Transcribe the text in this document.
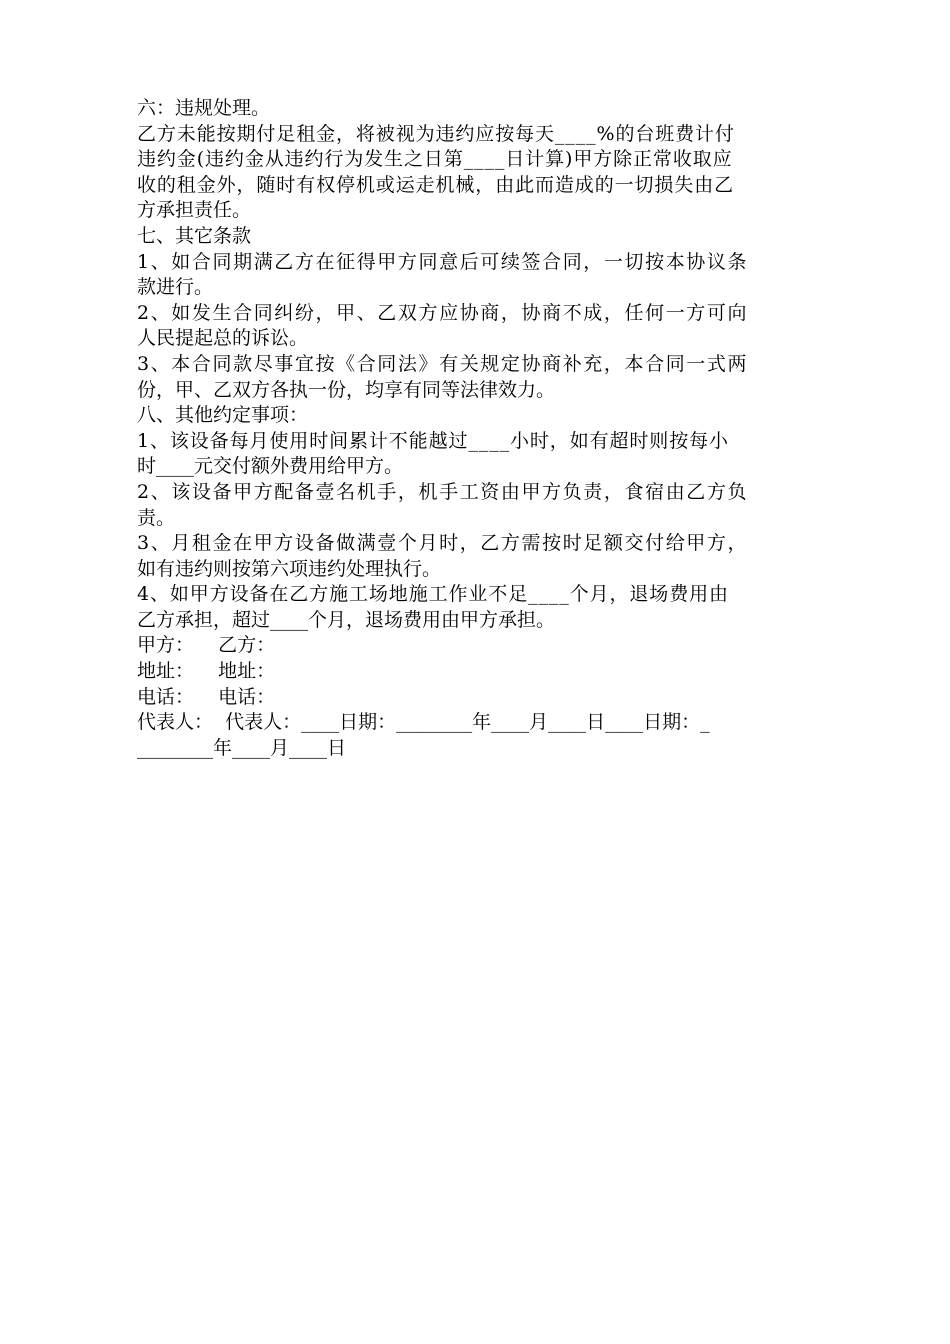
六：违规处理。
乙方未能按期付足租金，将被视为违约应按每天____%的台班费计付
违约金(违约金从违约行为发生之日第____日计算)甲方除正常收取应
收的租金外，随时有权停机或运走机械，由此而造成的一切损失由乙
方承担责任。
七、其它条款
1、如合同期满乙方在征得甲方同意后可续签合同，一切按本协议条
款进行。
2、如发生合同纠纷，甲、乙双方应协商，协商不成，任何一方可向
人民提起总的诉讼。
3、本合同款尽事宜按《合同法》有关规定协商补充，本合同一式两
份，甲、乙双方各执一份，均享有同等法律效力。
八、其他约定事项：
1、该设备每月使用时间累计不能越过____小时，如有超时则按每小
时____元交付额外费用给甲方。
2、该设备甲方配备壹名机手，机手工资由甲方负责，食宿由乙方负
责。
3、月租金在甲方设备做满壹个月时，乙方需按时足额交付给甲方，
如有违约则按第六项违约处理执行。
4、如甲方设备在乙方施工场地施工作业不足____个月，退场费用由
乙方承担，超过____个月，退场费用由甲方承担。
甲方：    乙方：
地址：    地址：
电话：    电话：
代表人：  代表人：____日期：________年____月____日____日期：_
________年____月____日
